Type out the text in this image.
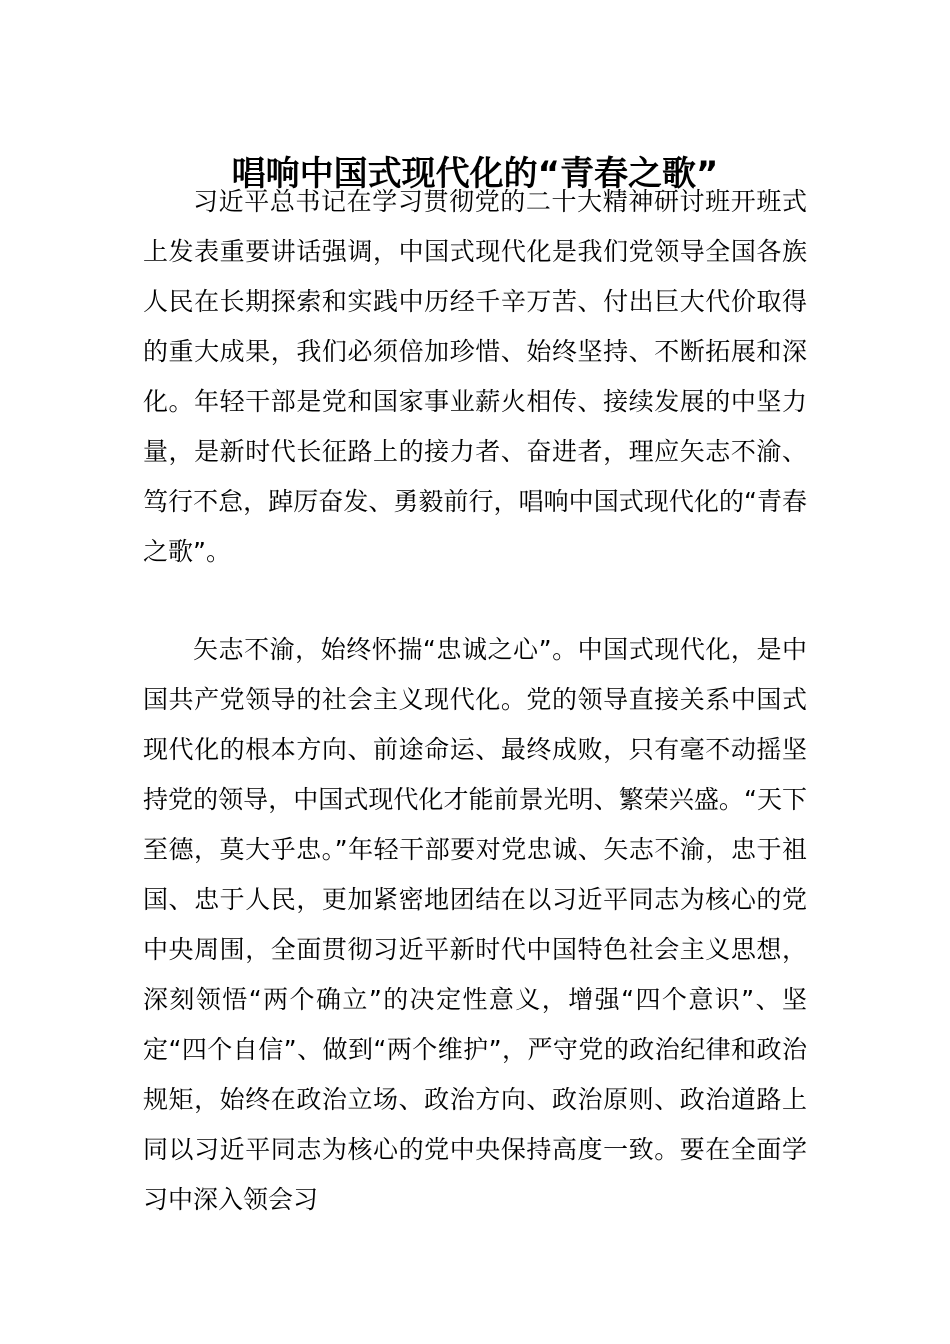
唱响中国式现代化的“青春之歌”

习近平总书记在学习贯彻党的二十大精神研讨班开班式上发表重要讲话强调，中国式现代化是我们党领导全国各族人民在长期探索和实践中历经千辛万苦、付出巨大代价取得的重大成果，我们必须倍加珍惜、始终坚持、不断拓展和深化。年轻干部是党和国家事业薪火相传、接续发展的中坚力量，是新时代长征路上的接力者、奋进者，理应矢志不渝、笃行不怠，踔厉奋发、勇毅前行，唱响中国式现代化的“青春之歌”。

矢志不渝，始终怀揣“忠诚之心”。中国式现代化，是中国共产党领导的社会主义现代化。党的领导直接关系中国式现代化的根本方向、前途命运、最终成败，只有毫不动摇坚持党的领导，中国式现代化才能前景光明、繁荣兴盛。“天下至德，莫大乎忠。”年轻干部要对党忠诚、矢志不渝，忠于祖国、忠于人民，更加紧密地团结在以习近平同志为核心的党中央周围，全面贯彻习近平新时代中国特色社会主义思想，深刻领悟“两个确立”的决定性意义，增强“四个意识”、坚定“四个自信”、做到“两个维护”，严守党的政治纪律和政治规矩，始终在政治立场、政治方向、政治原则、政治道路上同以习近平同志为核心的党中央保持高度一致。要在全面学习中深入领会习
